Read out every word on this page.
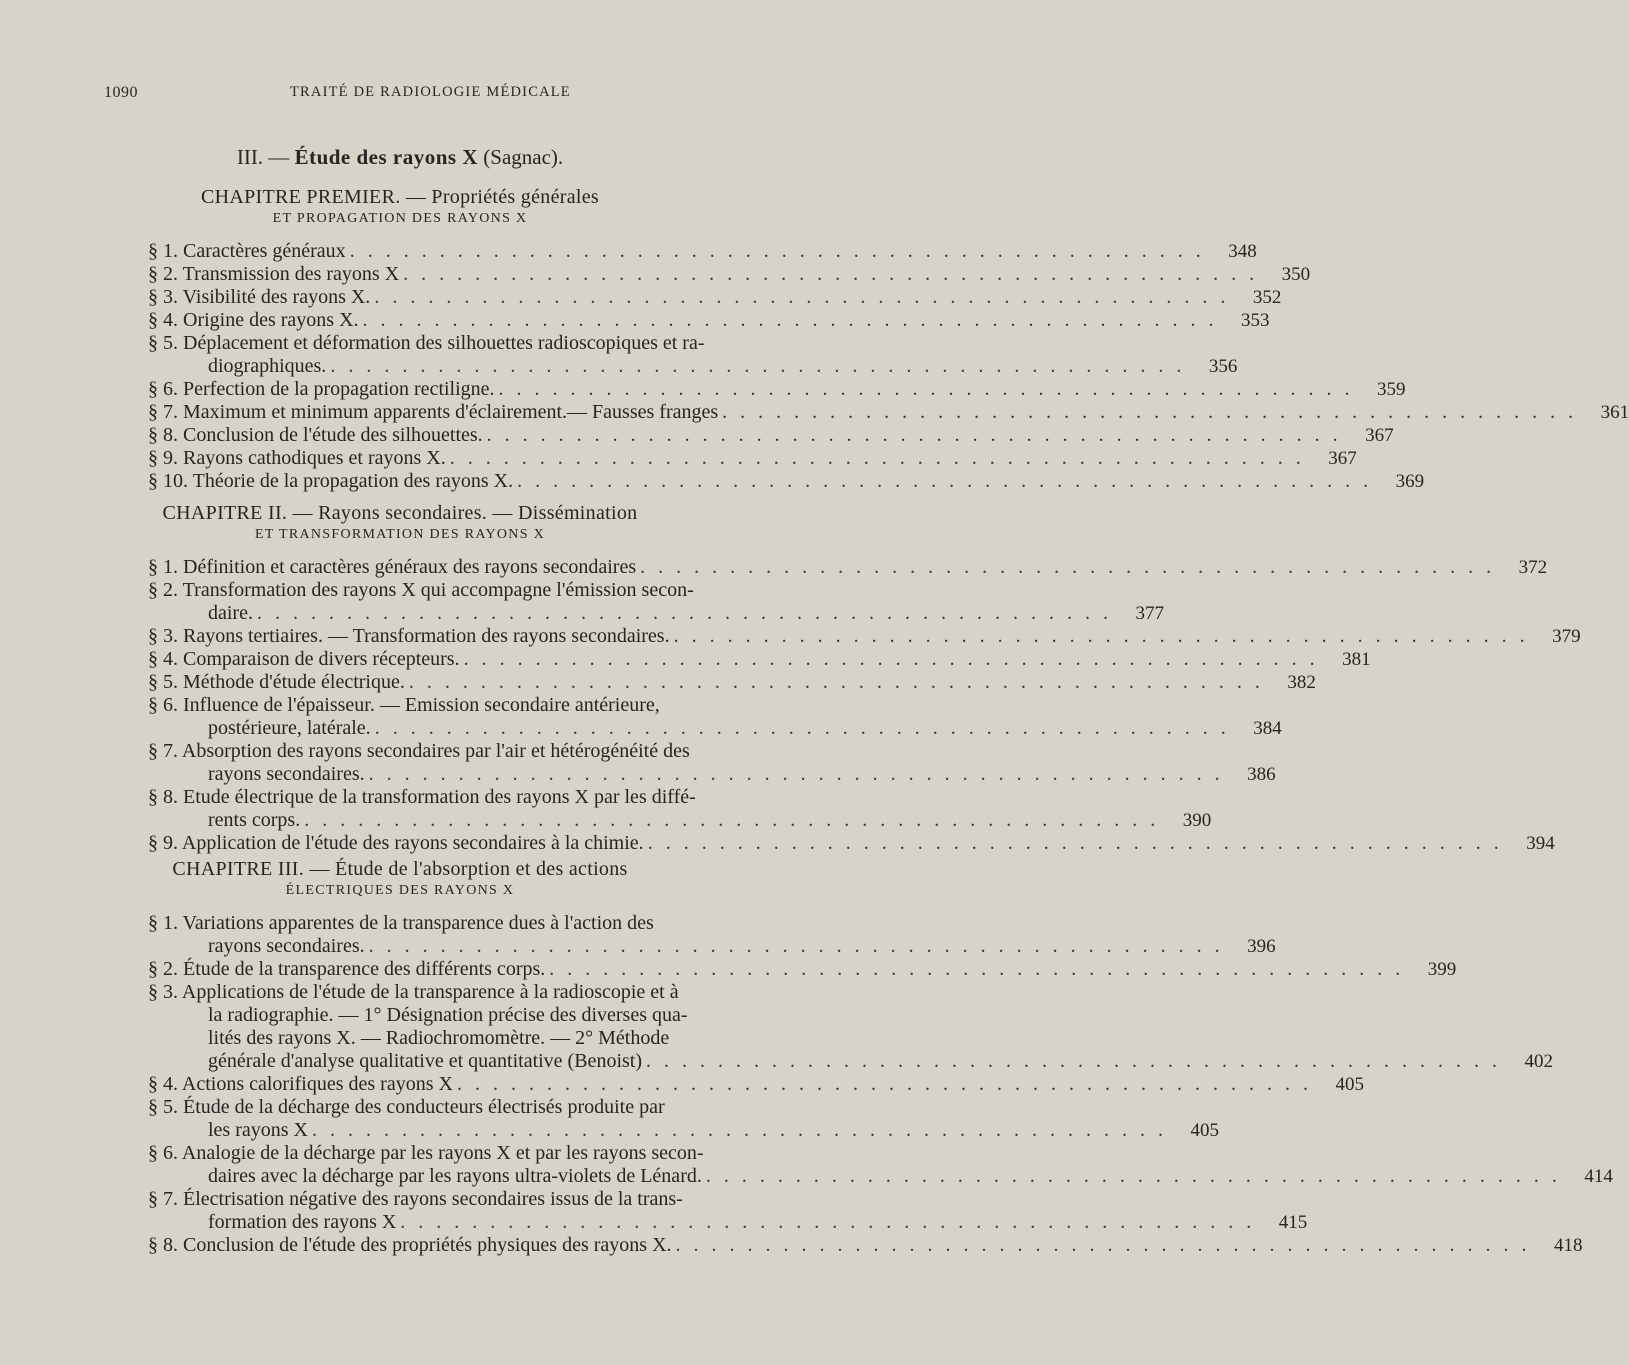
1090	TRAITÉ DE RADIOLOGIE MÉDICALE
III. — Étude des rayons X (Sagnac).
CHAPITRE PREMIER. — Propriétés générales
ET PROPAGATION DES RAYONS X
§ 1. Caractères généraux . . . . . . . . . . . . . . . . . . . . . . . . . . . . . . . . . . . . . . . . . . . . . . . .	348
§ 2. Transmission des rayons X . . . . . . . . . . . . . . . . . . . . . . . . . . . . . . . . . . . . . . . . . . . . . . . .	350
§ 3. Visibilité des rayons X. . . . . . . . . . . . . . . . . . . . . . . . . . . . . . . . . . . . . . . . . . . . . . . . .	352
§ 4. Origine des rayons X. . . . . . . . . . . . . . . . . . . . . . . . . . . . . . . . . . . . . . . . . . . . . . . . .	353
§ 5. Déplacement et déformation des silhouettes radioscopiques et ra-
diographiques. . . . . . . . . . . . . . . . . . . . . . . . . . . . . . . . . . . . . . . . . . . . . . . . .	356
§ 6. Perfection de la propagation rectiligne. . . . . . . . . . . . . . . . . . . . . . . . . . . . . . . . . . . . . . . . . . . . . . . . .	359
§ 7. Maximum et minimum apparents d'éclairement.— Fausses franges . . . . . . . . . . . . . . . . . . . . . . . . . . . . . . . . . . . . . . . . . . . . . . . .	361
§ 8. Conclusion de l'étude des silhouettes. . . . . . . . . . . . . . . . . . . . . . . . . . . . . . . . . . . . . . . . . . . . . . . . .	367
§ 9. Rayons cathodiques et rayons X. . . . . . . . . . . . . . . . . . . . . . . . . . . . . . . . . . . . . . . . . . . . . . . . .	367
§ 10. Théorie de la propagation des rayons X. . . . . . . . . . . . . . . . . . . . . . . . . . . . . . . . . . . . . . . . . . . . . . . . .	369
CHAPITRE II. — Rayons secondaires. — Dissémination
ET TRANSFORMATION DES RAYONS X
§ 1. Définition et caractères généraux des rayons secondaires . . . . . . . . . . . . . . . . . . . . . . . . . . . . . . . . . . . . . . . . . . . . . . . .	372
§ 2. Transformation des rayons X qui accompagne l'émission secon-
daire. . . . . . . . . . . . . . . . . . . . . . . . . . . . . . . . . . . . . . . . . . . . . . . . .	377
§ 3. Rayons tertiaires. — Transformation des rayons secondaires. . . . . . . . . . . . . . . . . . . . . . . . . . . . . . . . . . . . . . . . . . . . . . . . .	379
§ 4. Comparaison de divers récepteurs. . . . . . . . . . . . . . . . . . . . . . . . . . . . . . . . . . . . . . . . . . . . . . . . .	381
§ 5. Méthode d'étude électrique. . . . . . . . . . . . . . . . . . . . . . . . . . . . . . . . . . . . . . . . . . . . . . . . .	382
§ 6. Influence de l'épaisseur. — Emission secondaire antérieure,
postérieure, latérale. . . . . . . . . . . . . . . . . . . . . . . . . . . . . . . . . . . . . . . . . . . . . . . . .	384
§ 7. Absorption des rayons secondaires par l'air et hétérogénéité des
rayons secondaires. . . . . . . . . . . . . . . . . . . . . . . . . . . . . . . . . . . . . . . . . . . . . . . . .	386
§ 8. Etude électrique de la transformation des rayons X par les diffé-
rents corps. . . . . . . . . . . . . . . . . . . . . . . . . . . . . . . . . . . . . . . . . . . . . . . . .	390
§ 9. Application de l'étude des rayons secondaires à la chimie. . . . . . . . . . . . . . . . . . . . . . . . . . . . . . . . . . . . . . . . . . . . . . . . .	394
CHAPITRE III. — Étude de l'absorption et des actions
ÉLECTRIQUES DES RAYONS X
§ 1. Variations apparentes de la transparence dues à l'action des
rayons secondaires. . . . . . . . . . . . . . . . . . . . . . . . . . . . . . . . . . . . . . . . . . . . . . . . .	396
§ 2. Étude de la transparence des différents corps. . . . . . . . . . . . . . . . . . . . . . . . . . . . . . . . . . . . . . . . . . . . . . . . .	399
§ 3. Applications de l'étude de la transparence à la radioscopie et à
la radiographie. — 1° Désignation précise des diverses qua-
lités des rayons X. — Radiochromomètre. — 2° Méthode
générale d'analyse qualitative et quantitative (Benoist) . . . . . . . . . . . . . . . . . . . . . . . . . . . . . . . . . . . . . . . . . . . . . . . .	402
§ 4. Actions calorifiques des rayons X . . . . . . . . . . . . . . . . . . . . . . . . . . . . . . . . . . . . . . . . . . . . . . . .	405
§ 5. Étude de la décharge des conducteurs électrisés produite par
les rayons X . . . . . . . . . . . . . . . . . . . . . . . . . . . . . . . . . . . . . . . . . . . . . . . .	405
§ 6. Analogie de la décharge par les rayons X et par les rayons secon-
daires avec la décharge par les rayons ultra-violets de Lénard. . . . . . . . . . . . . . . . . . . . . . . . . . . . . . . . . . . . . . . . . . . . . . . . .	414
§ 7. Électrisation négative des rayons secondaires issus de la trans-
formation des rayons X . . . . . . . . . . . . . . . . . . . . . . . . . . . . . . . . . . . . . . . . . . . . . . . .	415
§ 8. Conclusion de l'étude des propriétés physiques des rayons X. . . . . . . . . . . . . . . . . . . . . . . . . . . . . . . . . . . . . . . . . . . . . . . . .	418
